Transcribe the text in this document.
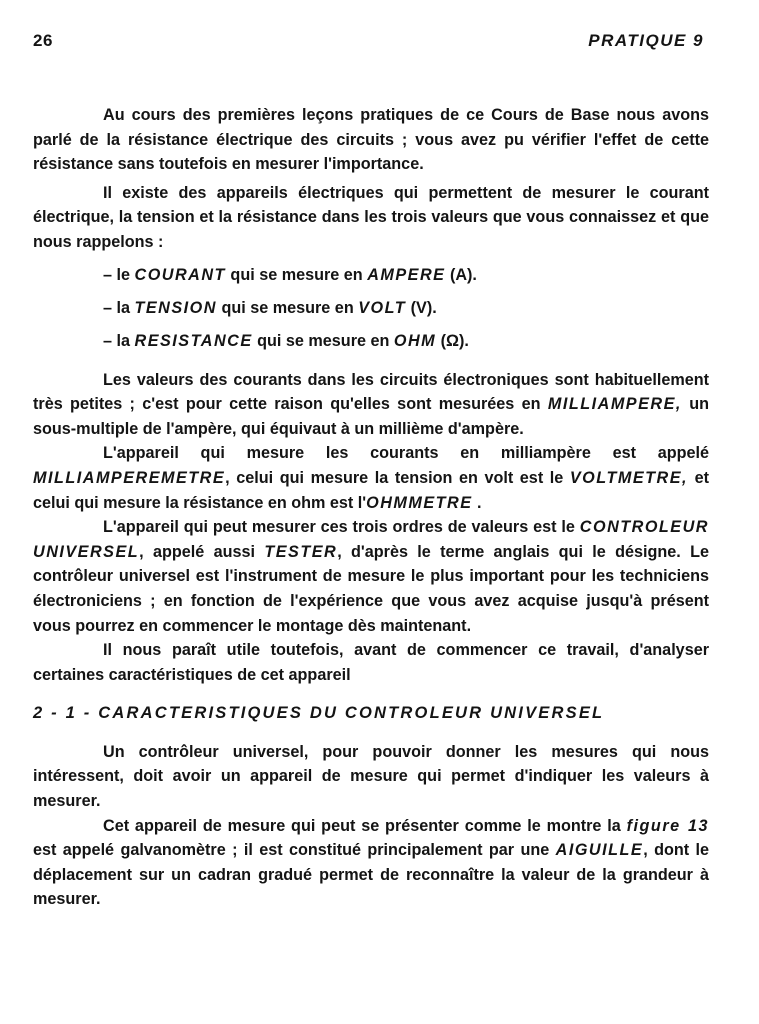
26	PRATIQUE 9

Au cours des premières leçons pratiques de ce Cours de Base nous avons parlé de la résistance électrique des circuits ; vous avez pu vérifier l'effet de cette résistance sans toutefois en mesurer l'importance.

Il existe des appareils électriques qui permettent de mesurer le courant électrique, la tension et la résistance dans les trois valeurs que vous connaissez et que nous rappelons :

– le COURANT qui se mesure en AMPERE (A).
– la TENSION qui se mesure en VOLT (V).
– la RESISTANCE qui se mesure en OHM (Ω).

Les valeurs des courants dans les circuits électroniques sont habituellement très petites ; c'est pour cette raison qu'elles sont mesurées en MILLIAMPERE, un sous-multiple de l'ampère, qui équivaut à un millième d'ampère.

L'appareil qui mesure les courants en milliampère est appelé MILLIAMPEREMETRE, celui qui mesure la tension en volt est le VOLTMETRE, et celui qui mesure la résistance en ohm est l'OHMMETRE .

L'appareil qui peut mesurer ces trois ordres de valeurs est le CONTROLEUR UNIVERSEL, appelé aussi TESTER, d'après le terme anglais qui le désigne. Le contrôleur universel est l'instrument de mesure le plus important pour les techniciens électroniciens ; en fonction de l'expérience que vous avez acquise jusqu'à présent vous pourrez en commencer le montage dès maintenant.

Il nous paraît utile toutefois, avant de commencer ce travail, d'analyser certaines caractéristiques de cet appareil

2 - 1 - CARACTERISTIQUES DU CONTROLEUR UNIVERSEL

Un contrôleur universel, pour pouvoir donner les mesures qui nous intéressent, doit avoir un appareil de mesure qui permet d'indiquer les valeurs à mesurer.

Cet appareil de mesure qui peut se présenter comme le montre la figure 13 est appelé galvanomètre ; il est constitué principalement par une AIGUILLE, dont le déplacement sur un cadran gradué permet de reconnaître la valeur de la grandeur à mesurer.
